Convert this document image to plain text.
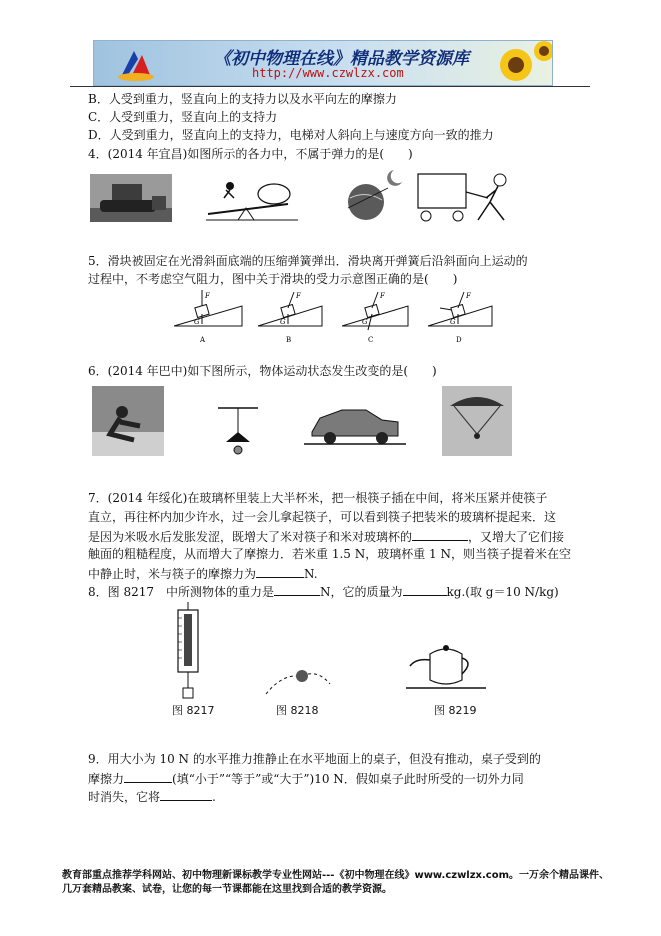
《初中物理在线》精品教学资源库
http://www.czwlzx.com
B．人受到重力，竖直向上的支持力以及水平向左的摩擦力
C．人受到重力，竖直向上的支持力
D．人受到重力，竖直向上的支持力，电梯对人斜向上与速度方向一致的推力
4．(2014 年宜昌)如图所示的各力中，不属于弹力的是(　　)
5．滑块被固定在光滑斜面底端的压缩弹簧弹出．滑块离开弹簧后沿斜面向上运动的
过程中，不考虑空气阻力，图中关于滑块的受力示意图正确的是(　　)
F
G
A
F
G
B
F
G
C
F
G
D
6．(2014 年巴中)如下图所示，物体运动状态发生改变的是(　　)
7．(2014 年绥化)在玻璃杯里装上大半杯米，把一根筷子插在中间，将米压紧并使筷子
直立，再往杯内加少许水，过一会儿拿起筷子，可以看到筷子把装米的玻璃杯提起来．这
是因为米吸水后发胀发涩，既增大了米对筷子和米对玻璃杯的	，又增大了它们接
触面的粗糙程度，从而增大了摩擦力．若米重 1.5 N，玻璃杯重 1 N，则当筷子提着米在空
中静止时，米与筷子的摩擦力为	N.
8．图 8217　中所测物体的重力是	N，它的质量为	kg.(取 g＝10 N/kg)
图 8217	图 8218	图 8219
9．用大小为 10 N 的水平推力推静止在水平地面上的桌子，但没有推动，桌子受到的
摩擦力	(填“小于”“等于”或“大于”)10 N．假如桌子此时所受的一切外力同
时消失，它将	.
教育部重点推荐学科网站、初中物理新课标教学专业性网站---《初中物理在线》www.czwlzx.com。一万余个精品课件、
几万套精品教案、试卷，让您的每一节课都能在这里找到合适的教学资源。
